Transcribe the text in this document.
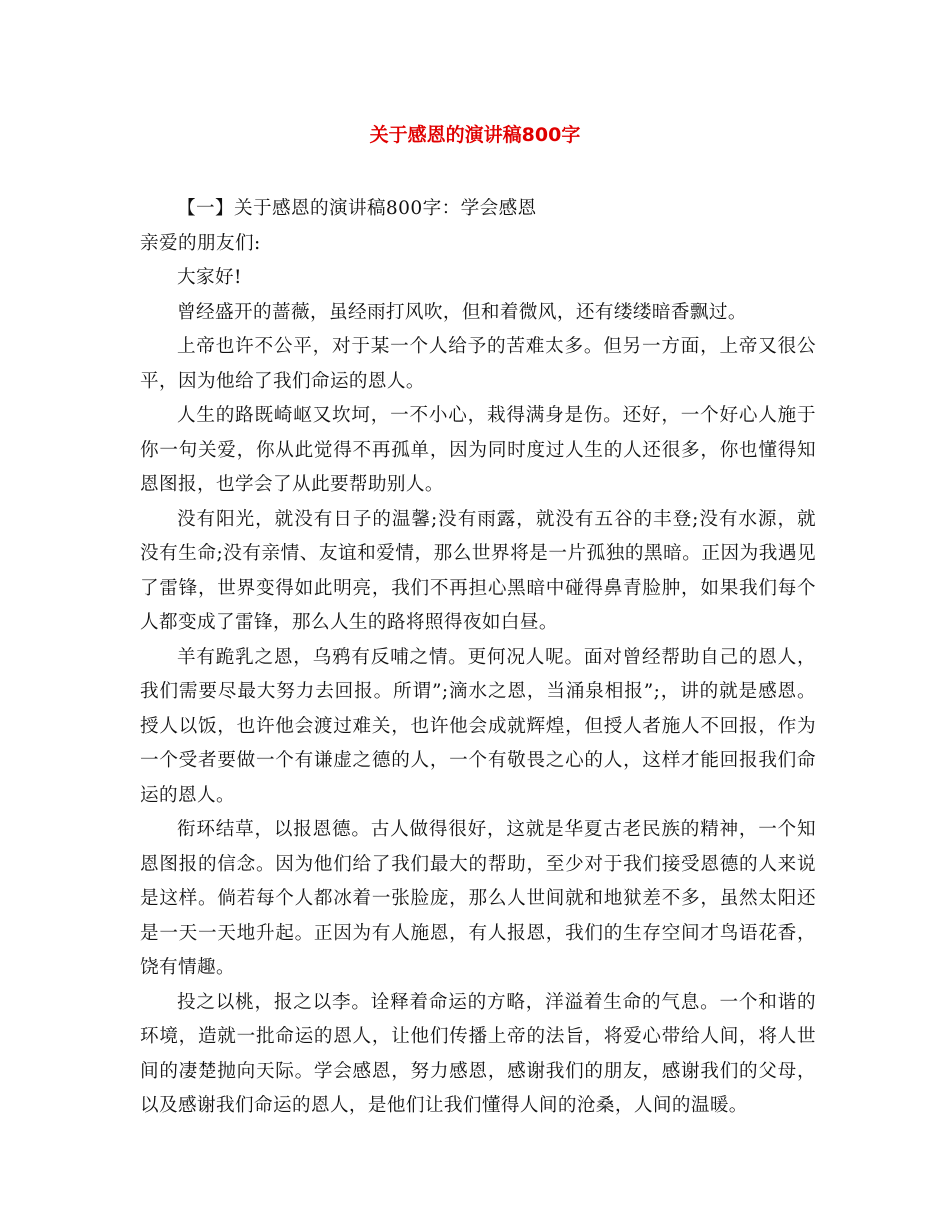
关于感恩的演讲稿800字

【一】关于感恩的演讲稿800字：学会感恩

亲爱的朋友们:

大家好!

曾经盛开的蔷薇，虽经雨打风吹，但和着微风，还有缕缕暗香飘过。

上帝也许不公平，对于某一个人给予的苦难太多。但另一方面，上帝又很公平，因为他给了我们命运的恩人。

人生的路既崎岖又坎坷，一不小心，栽得满身是伤。还好，一个好心人施于你一句关爱，你从此觉得不再孤单，因为同时度过人生的人还很多，你也懂得知恩图报，也学会了从此要帮助别人。

没有阳光，就没有日子的温馨;没有雨露，就没有五谷的丰登;没有水源，就没有生命;没有亲情、友谊和爱情，那么世界将是一片孤独的黑暗。正因为我遇见了雷锋，世界变得如此明亮，我们不再担心黑暗中碰得鼻青脸肿，如果我们每个人都变成了雷锋，那么人生的路将照得夜如白昼。

羊有跪乳之恩，乌鸦有反哺之情。更何况人呢。面对曾经帮助自己的恩人，我们需要尽最大努力去回报。所谓”;滴水之恩，当涌泉相报”;，讲的就是感恩。授人以饭，也许他会渡过难关，也许他会成就辉煌，但授人者施人不回报，作为一个受者要做一个有谦虚之德的人，一个有敬畏之心的人，这样才能回报我们命运的恩人。

衔环结草，以报恩德。古人做得很好，这就是华夏古老民族的精神，一个知恩图报的信念。因为他们给了我们最大的帮助，至少对于我们接受恩德的人来说是这样。倘若每个人都冰着一张脸庞，那么人世间就和地狱差不多，虽然太阳还是一天一天地升起。正因为有人施恩，有人报恩，我们的生存空间才鸟语花香，饶有情趣。

投之以桃，报之以李。诠释着命运的方略，洋溢着生命的气息。一个和谐的环境，造就一批命运的恩人，让他们传播上帝的法旨，将爱心带给人间，将人世间的凄楚抛向天际。学会感恩，努力感恩，感谢我们的朋友，感谢我们的父母，以及感谢我们命运的恩人，是他们让我们懂得人间的沧桑，人间的温暖。
